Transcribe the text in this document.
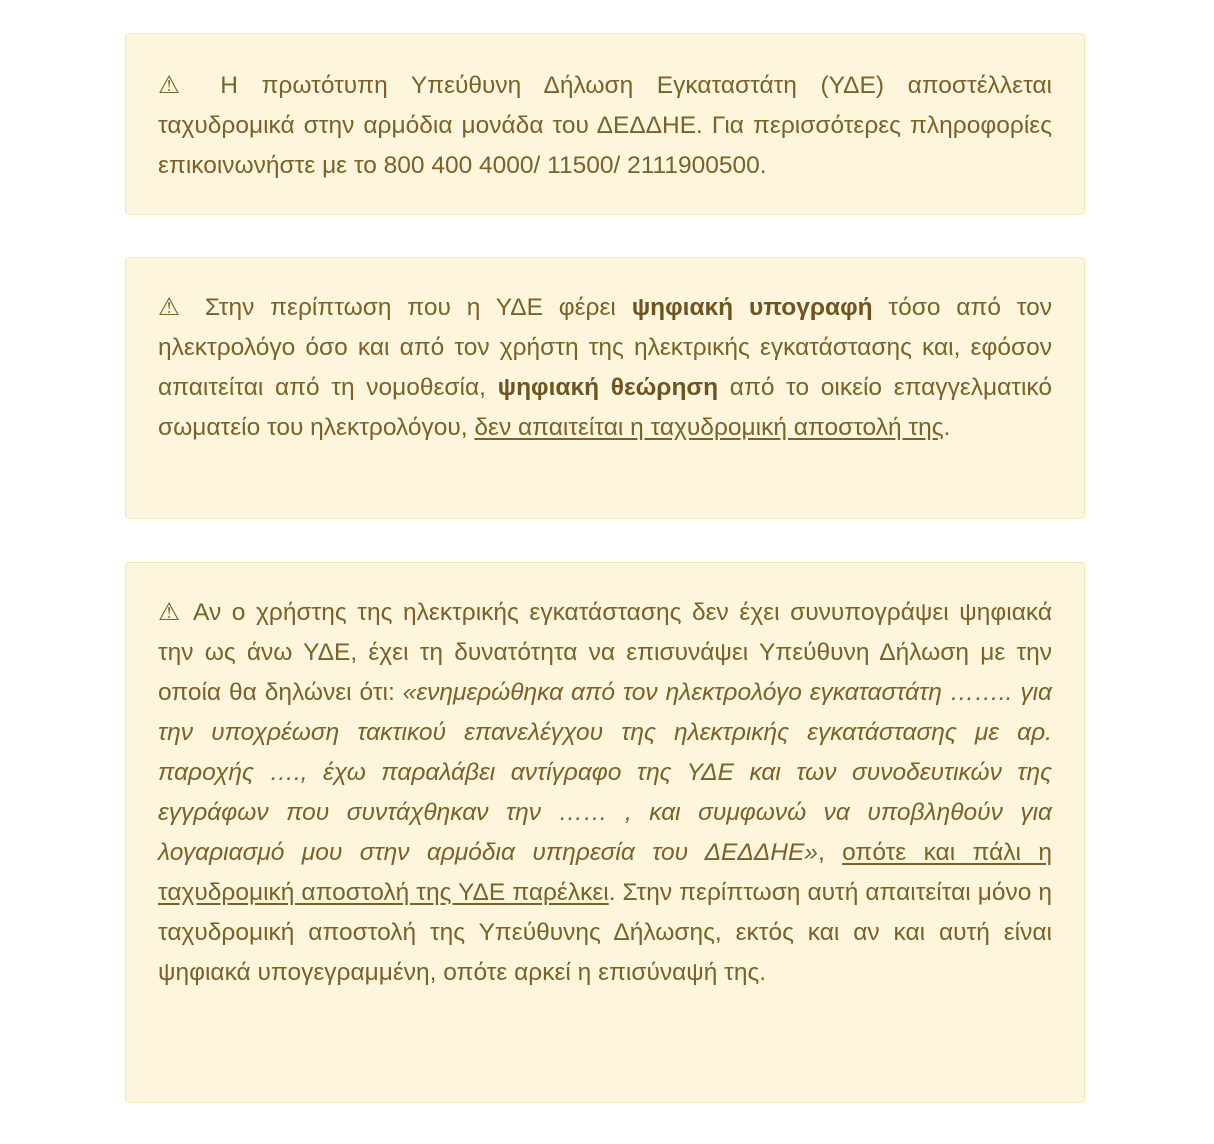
⚠ Η πρωτότυπη Υπεύθυνη Δήλωση Εγκαταστάτη (ΥΔΕ) αποστέλλεται ταχυδρομικά στην αρμόδια μονάδα του ΔΕΔΔΗΕ. Για περισσότερες πληροφορίες επικοινωνήστε με το 800 400 4000/ 11500/ 2111900500.
⚠ Στην περίπτωση που η ΥΔΕ φέρει ψηφιακή υπογραφή τόσο από τον ηλεκτρολόγο όσο και από τον χρήστη της ηλεκτρικής εγκατάστασης και, εφόσον απαιτείται από τη νομοθεσία, ψηφιακή θεώρηση από το οικείο επαγγελματικό σωματείο του ηλεκτρολόγου, δεν απαιτείται η ταχυδρομική αποστολή της.
⚠ Αν ο χρήστης της ηλεκτρικής εγκατάστασης δεν έχει συνυπογράψει ψηφιακά την ως άνω ΥΔΕ, έχει τη δυνατότητα να επισυνάψει Υπεύθυνη Δήλωση με την οποία θα δηλώνει ότι: «ενημερώθηκα από τον ηλεκτρολόγο εγκαταστάτη …….. για την υποχρέωση τακτικού επανελέγχου της ηλεκτρικής εγκατάστασης με αρ. παροχής …., έχω παραλάβει αντίγραφο της ΥΔΕ και των συνοδευτικών της εγγράφων που συντάχθηκαν την …… , και συμφωνώ να υποβληθούν για λογαριασμό μου στην αρμόδια υπηρεσία του ΔΕΔΔΗΕ», οπότε και πάλι η ταχυδρομική αποστολή της ΥΔΕ παρέλκει. Στην περίπτωση αυτή απαιτείται μόνο η ταχυδρομική αποστολή της Υπεύθυνης Δήλωσης, εκτός και αν και αυτή είναι ψηφιακά υπογεγραμμένη, οπότε αρκεί η επισύναψή της.
